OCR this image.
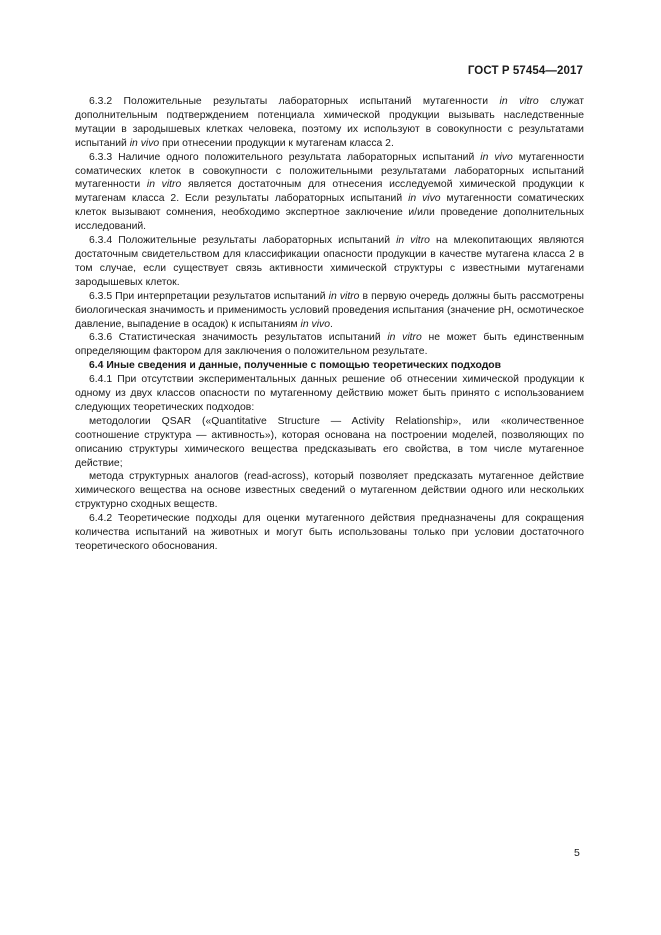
ГОСТ Р 57454—2017

6.3.2 Положительные результаты лабораторных испытаний мутагенности in vitro служат дополнительным подтверждением потенциала химической продукции вызывать наследственные мутации в зародышевых клетках человека, поэтому их используют в совокупности с результатами испытаний in vivo при отнесении продукции к мутагенам класса 2.

6.3.3 Наличие одного положительного результата лабораторных испытаний in vivo мутагенности соматических клеток в совокупности с положительными результатами лабораторных испытаний мутагенности in vitro является достаточным для отнесения исследуемой химической продукции к мутагенам класса 2. Если результаты лабораторных испытаний in vivo мутагенности соматических клеток вызывают сомнения, необходимо экспертное заключение и/или проведение дополнительных исследований.

6.3.4 Положительные результаты лабораторных испытаний in vitro на млекопитающих являются достаточным свидетельством для классификации опасности продукции в качестве мутагена класса 2 в том случае, если существует связь активности химической структуры с известными мутагенами зародышевых клеток.

6.3.5 При интерпретации результатов испытаний in vitro в первую очередь должны быть рассмотрены биологическая значимость и применимость условий проведения испытания (значение pH, осмотическое давление, выпадение в осадок) к испытаниям in vivo.

6.3.6 Статистическая значимость результатов испытаний in vitro не может быть единственным определяющим фактором для заключения о положительном результате.

6.4 Иные сведения и данные, полученные с помощью теоретических подходов

6.4.1 При отсутствии экспериментальных данных решение об отнесении химической продукции к одному из двух классов опасности по мутагенному действию может быть принято с использованием следующих теоретических подходов:

методологии QSAR («Quantitative Structure — Activity Relationship», или «количественное соотношение структура — активность»), которая основана на построении моделей, позволяющих по описанию структуры химического вещества предсказывать его свойства, в том числе мутагенное действие;

метода структурных аналогов (read-across), который позволяет предсказать мутагенное действие химического вещества на основе известных сведений о мутагенном действии одного или нескольких структурно сходных веществ.

6.4.2 Теоретические подходы для оценки мутагенного действия предназначены для сокращения количества испытаний на животных и могут быть использованы только при условии достаточного теоретического обоснования.

5
